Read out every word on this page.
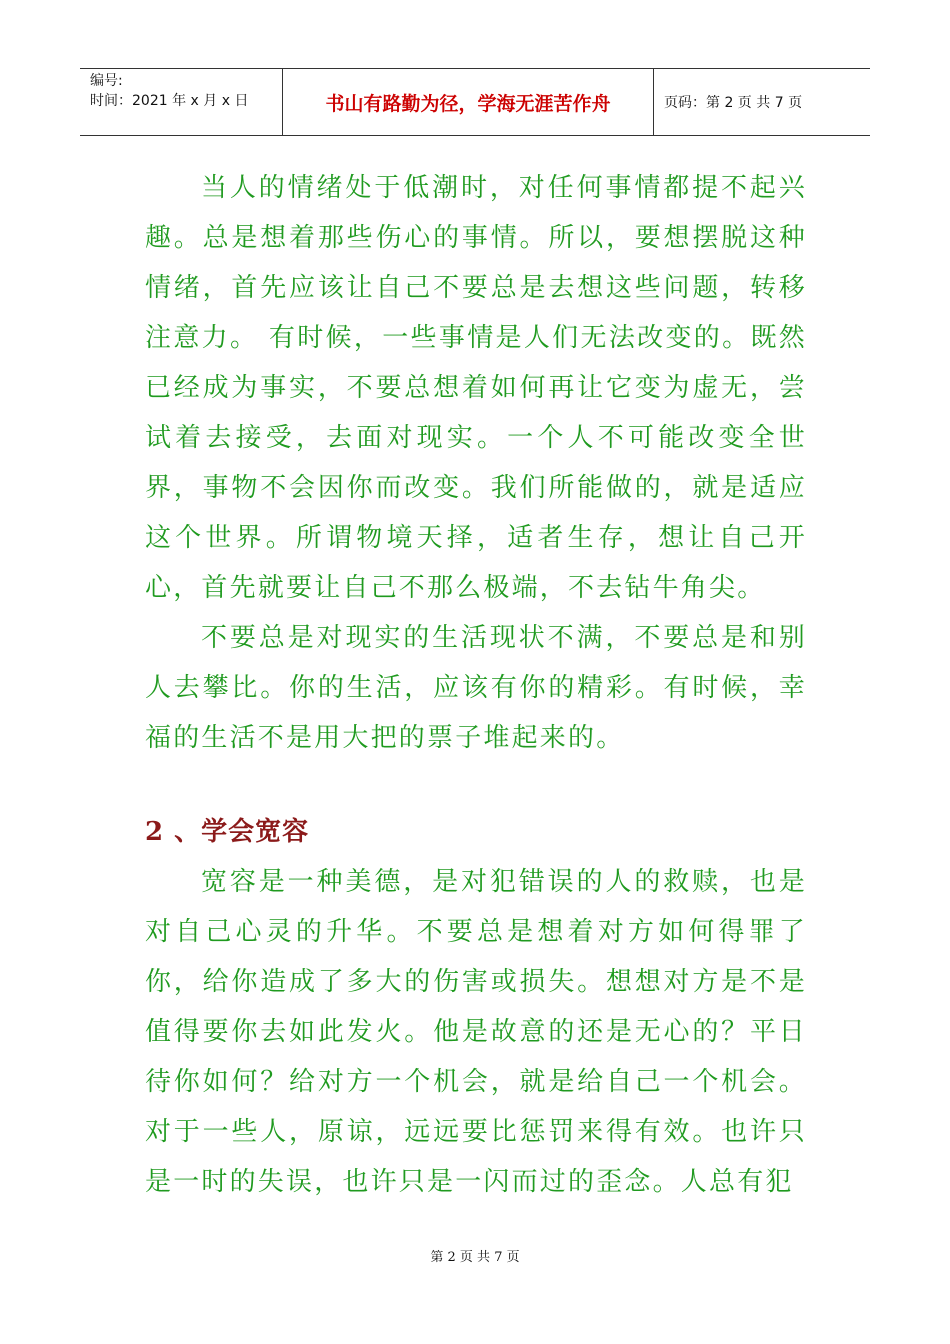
编号:
时间：2021 年 x 月 x 日	书山有路勤为径，学海无涯苦作舟	页码：第 2 页 共 7 页

当人的情绪处于低潮时，对任何事情都提不起兴趣。总是想着那些伤心的事情。所以，要想摆脱这种情绪，首先应该让自己不要总是去想这些问题，转移注意力。 有时候，一些事情是人们无法改变的。既然已经成为事实，不要总想着如何再让它变为虚无，尝试着去接受，去面对现实。一个人不可能改变全世界，事物不会因你而改变。我们所能做的，就是适应这个世界。所谓物境天择，适者生存，想让自己开心，首先就要让自己不那么极端，不去钻牛角尖。

不要总是对现实的生活现状不满，不要总是和别人去攀比。你的生活，应该有你的精彩。有时候，幸福的生活不是用大把的票子堆起来的。

2 、学会宽容

宽容是一种美德，是对犯错误的人的救赎，也是对自己心灵的升华。不要总是想着对方如何得罪了你，给你造成了多大的伤害或损失。想想对方是不是值得要你去如此发火。他是故意的还是无心的？平日待你如何？给对方一个机会，就是给自己一个机会。对于一些人，原谅，远远要比惩罚来得有效。也许只是一时的失误，也许只是一闪而过的歪念。人总有犯

第 2 页 共 7 页
